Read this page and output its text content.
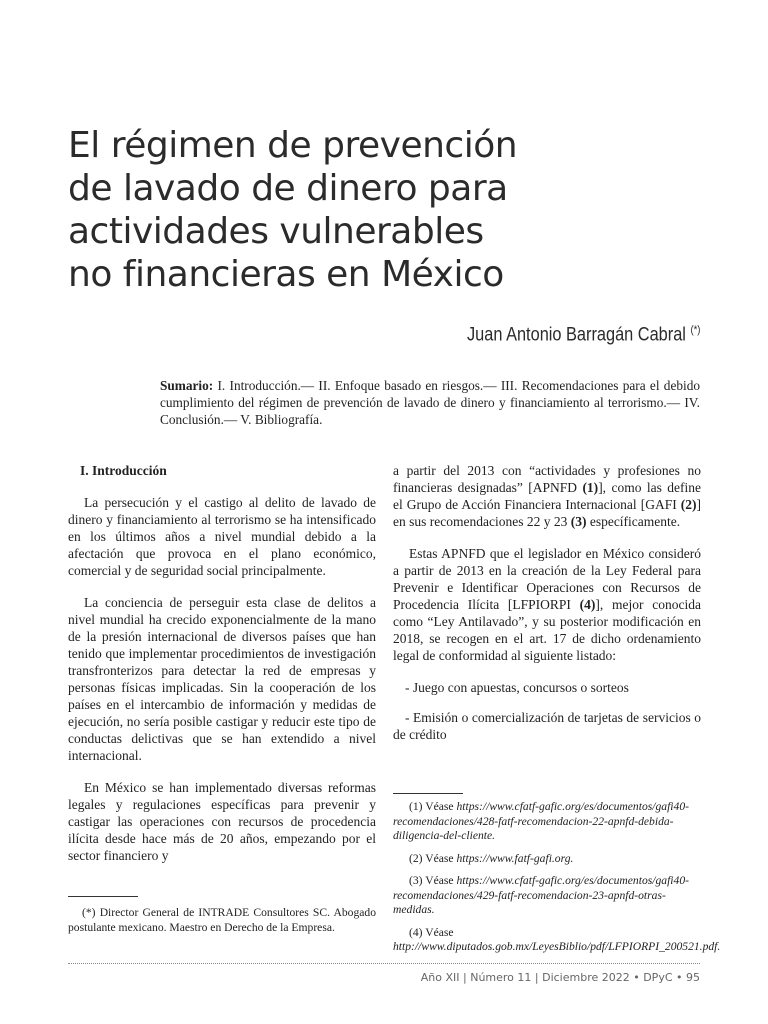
El régimen de prevención
de lavado de dinero para
actividades vulnerables
no financieras en México
Juan Antonio Barragán Cabral (*)
Sumario: I. Introducción.— II. Enfoque basado en riesgos.— III. Recomendaciones para el debido cumplimiento del régimen de prevención de lavado de dinero y financiamiento al terrorismo.— IV. Conclusión.— V. Bibliografía.
I. Introducción

La persecución y el castigo al delito de lavado de dinero y financiamiento al terrorismo se ha intensificado en los últimos años a nivel mundial debido a la afectación que provoca en el plano económico, comercial y de seguridad social principalmente.

La conciencia de perseguir esta clase de delitos a nivel mundial ha crecido exponencialmente de la mano de la presión internacional de diversos países que han tenido que implementar procedimientos de investigación transfronterizos para detectar la red de empresas y personas físicas implicadas. Sin la cooperación de los países en el intercambio de información y medidas de ejecución, no sería posible castigar y reducir este tipo de conductas delictivas que se han extendido a nivel internacional.

En México se han implementado diversas reformas legales y regulaciones específicas para prevenir y castigar las operaciones con recursos de procedencia ilícita desde hace más de 20 años, empezando por el sector financiero y

(*) Director General de INTRADE Consultores SC. Abogado postulante mexicano. Maestro en Derecho de la Empresa.

a partir del 2013 con “actividades y profesiones no financieras designadas” [APNFD (1)], como las define el Grupo de Acción Financiera Internacional [GAFI (2)] en sus recomendaciones 22 y 23 (3) específicamente.

Estas APNFD que el legislador en México consideró a partir de 2013 en la creación de la Ley Federal para Prevenir e Identificar Operaciones con Recursos de Procedencia Ilícita [LFPIORPI (4)], mejor conocida como “Ley Antilavado”, y su posterior modificación en 2018, se recogen en el art. 17 de dicho ordenamiento legal de conformidad al siguiente listado:

- Juego con apuestas, concursos o sorteos

- Emisión o comercialización de tarjetas de servicios o de crédito

(1) Véase https://www.cfatf-gafic.org/es/documentos/gafi40-recomendaciones/428-fatf-recomendacion-22-apnfd-debida-diligencia-del-cliente.

(2) Véase https://www.fatf-gafi.org.

(3) Véase https://www.cfatf-gafic.org/es/documentos/gafi40-recomendaciones/429-fatf-recomendacion-23-apnfd-otras-medidas.

(4) Véase http://www.diputados.gob.mx/LeyesBiblio/pdf/LFPIORPI_200521.pdf.

Año XII | Número 11 | Diciembre 2022 • DPyC • 95
